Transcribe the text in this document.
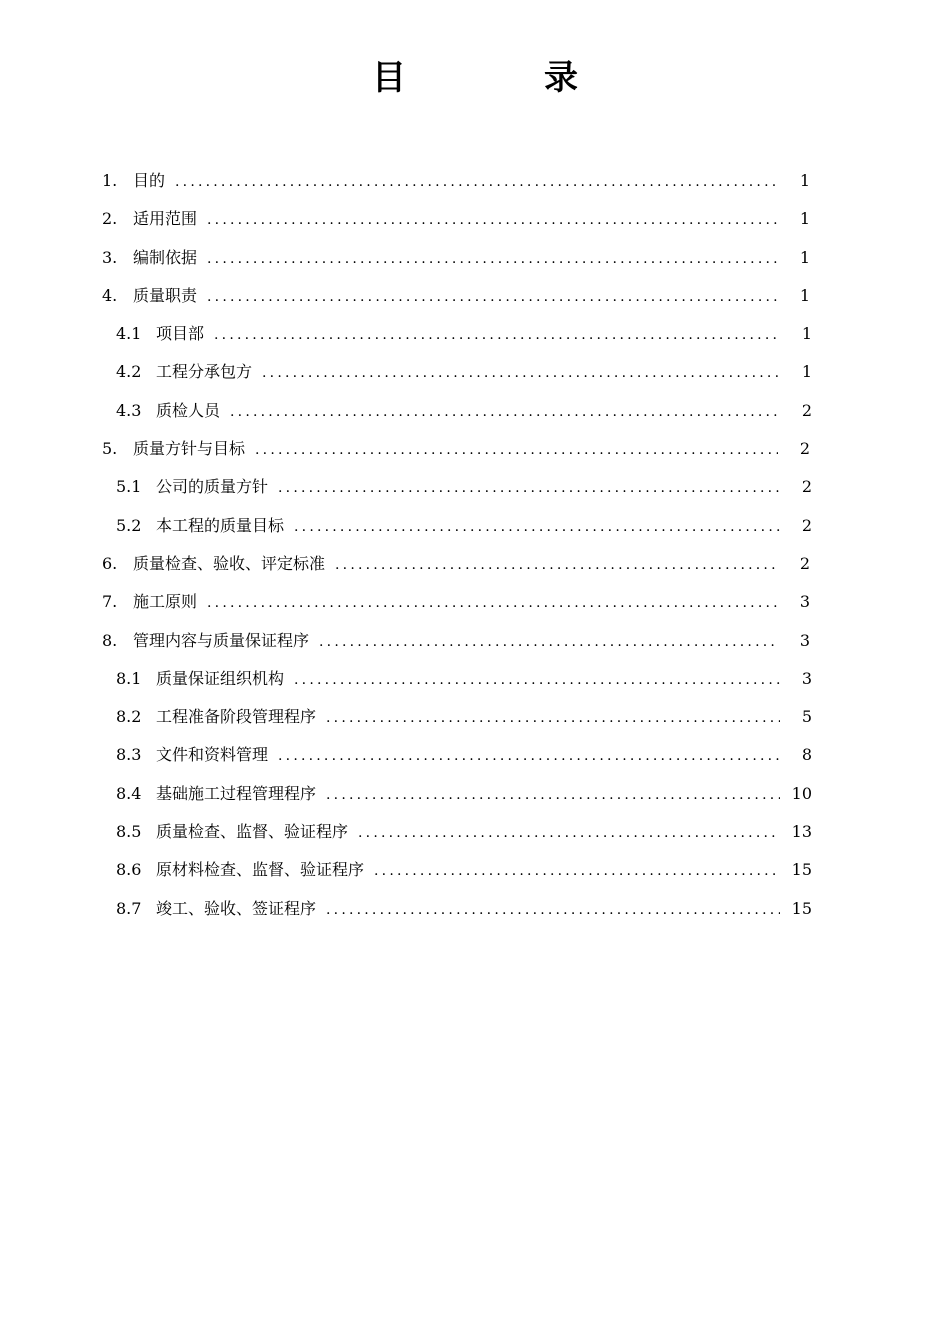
目　录
1. 目的 .....	1
2. 适用范围 .....	1
3. 编制依据 .....	1
4. 质量职责 .....	1
4.1 项目部 .....	1
4.2 工程分承包方 .....	1
4.3 质检人员 .....	2
5. 质量方针与目标 .....	2
5.1 公司的质量方针 .....	2
5.2 本工程的质量目标 .....	2
6. 质量检查、验收、评定标准 .....	2
7. 施工原则 .....	3
8. 管理内容与质量保证程序 .....	3
8.1 质量保证组织机构 .....	3
8.2 工程准备阶段管理程序 .....	5
8.3 文件和资料管理 .....	8
8.4 基础施工过程管理程序 .....	10
8.5 质量检查、监督、验证程序 .....	13
8.6 原材料检查、监督、验证程序 .....	15
8.7 竣工、验收、签证程序 .....	15
